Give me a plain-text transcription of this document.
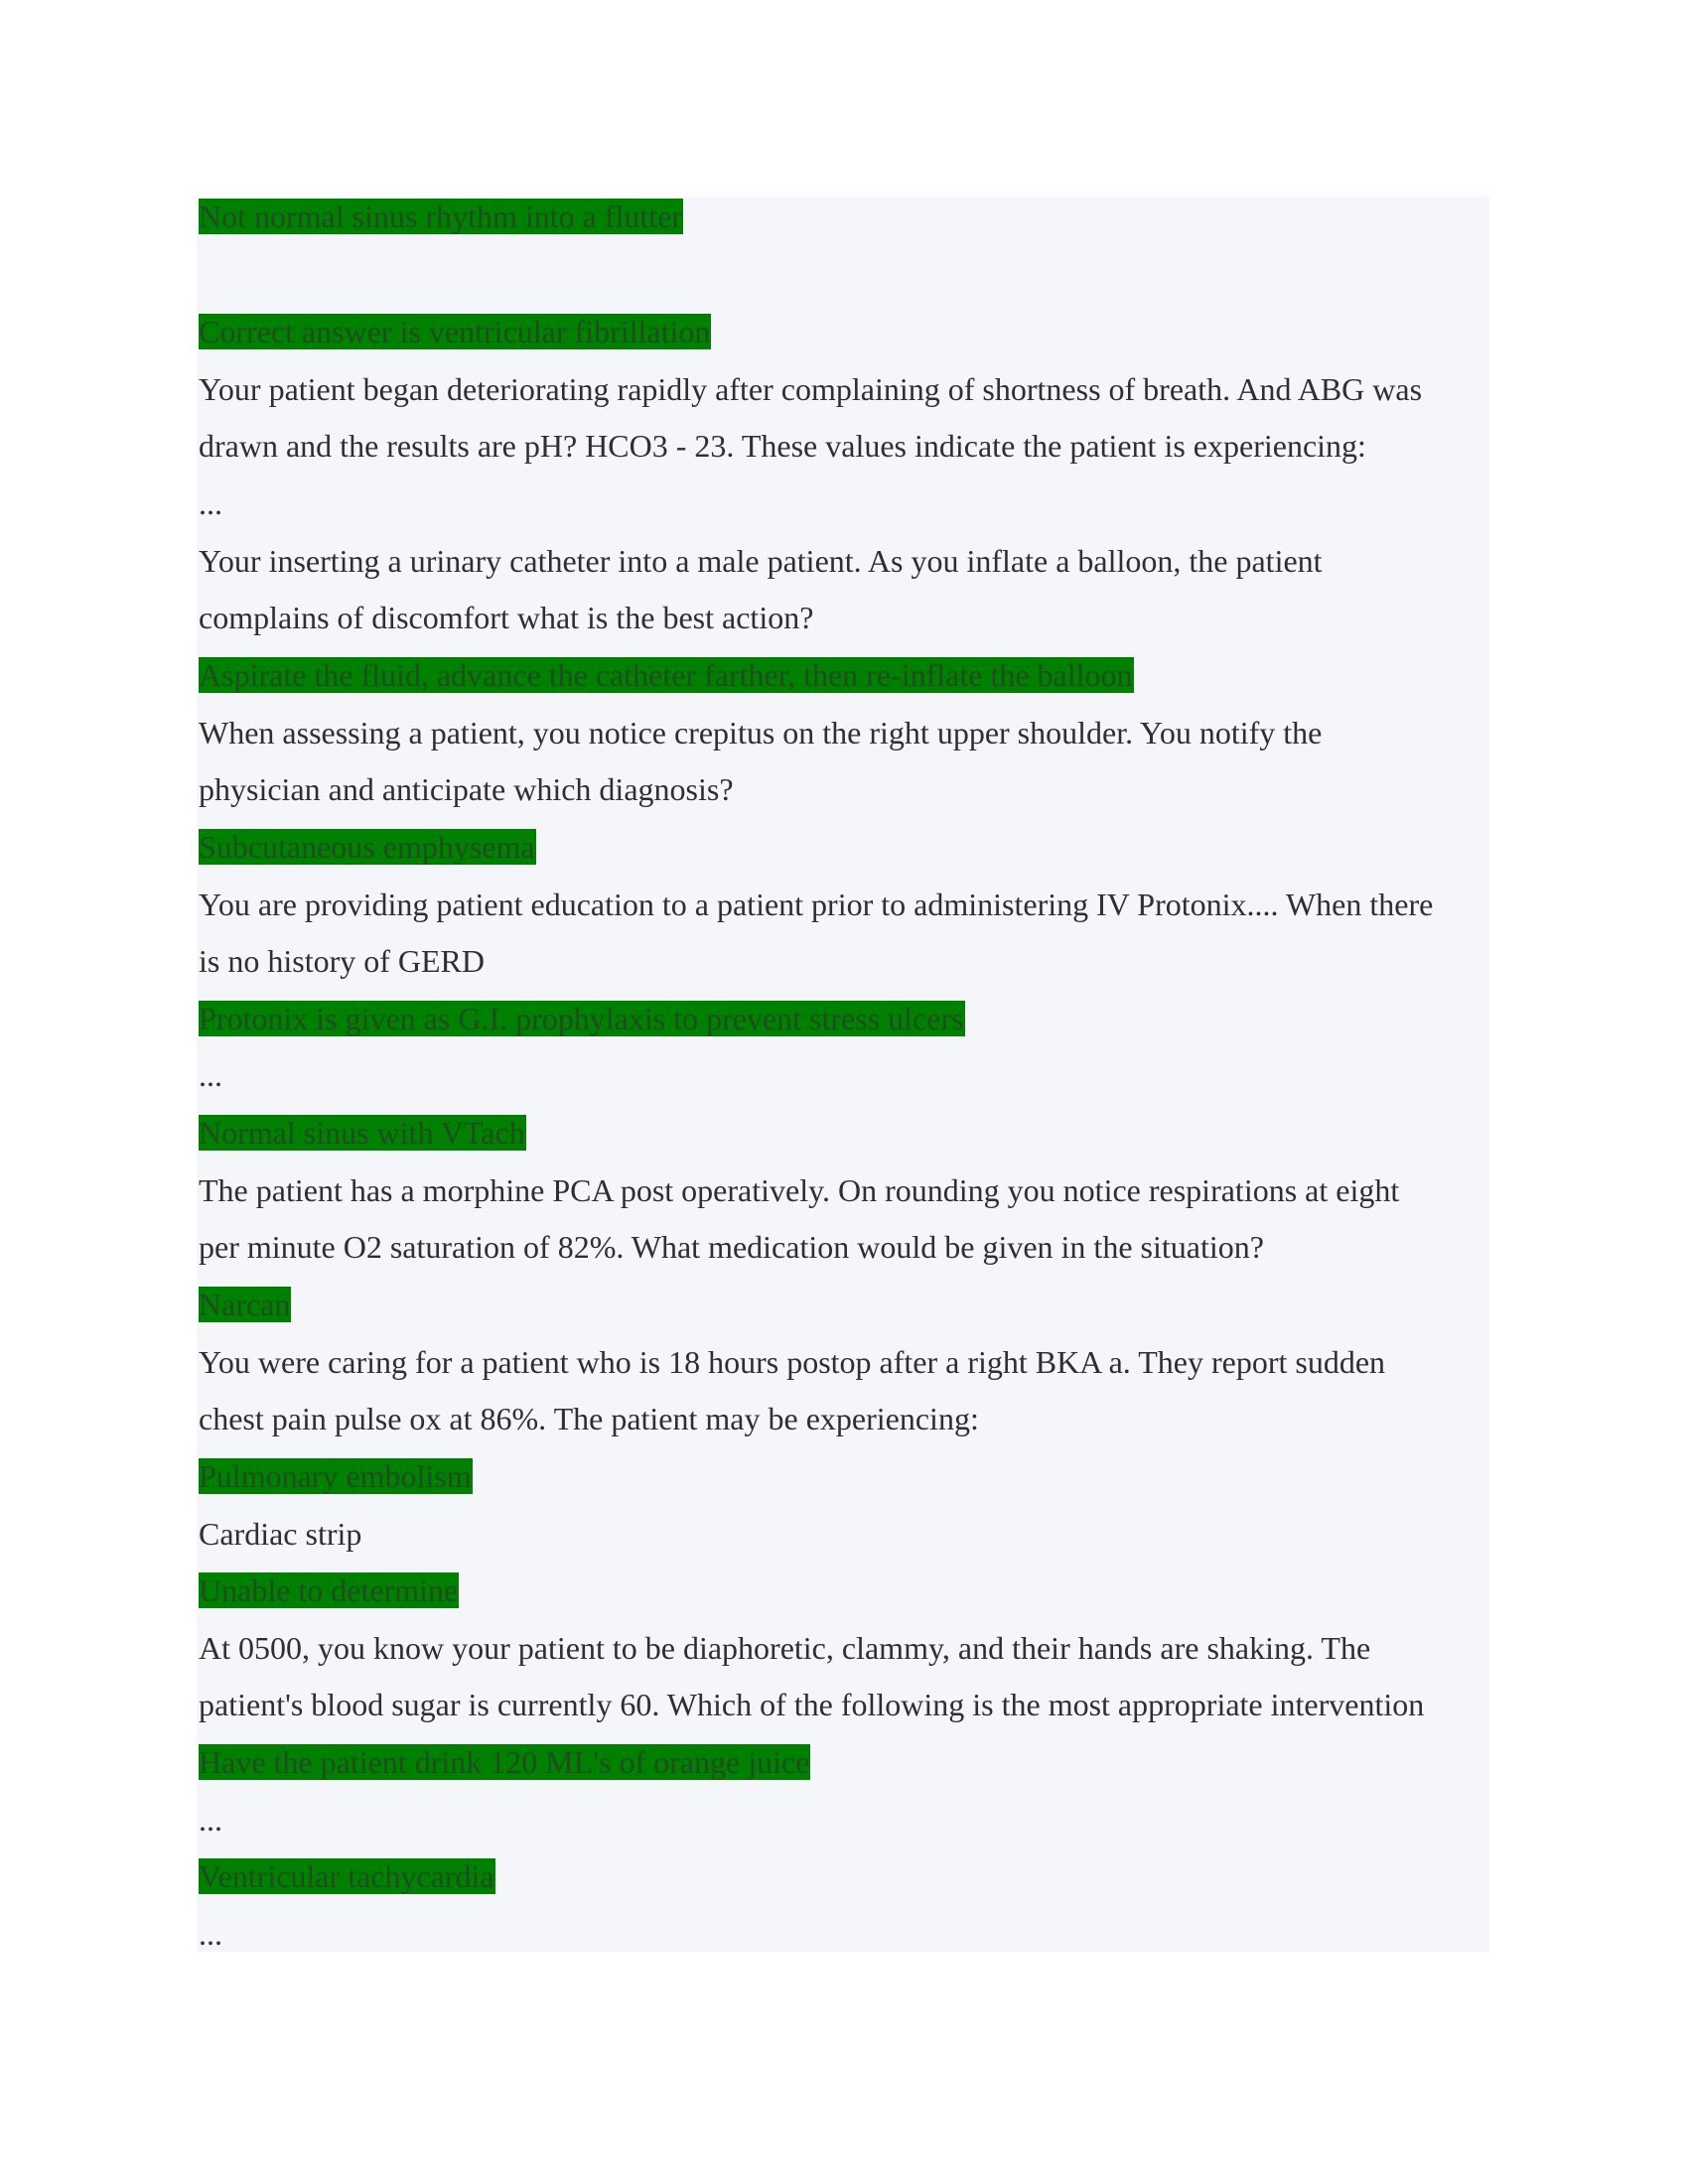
Not normal sinus rhythm into a flutter
Correct answer is ventricular fibrillation
Your patient began deteriorating rapidly after complaining of shortness of breath. And ABG was
drawn and the results are pH? HCO3 - 23. These values indicate the patient is experiencing:
...
Your inserting a urinary catheter into a male patient. As you inflate a balloon, the patient
complains of discomfort what is the best action?
Aspirate the fluid, advance the catheter farther, then re-inflate the balloon
When assessing a patient, you notice crepitus on the right upper shoulder. You notify the
physician and anticipate which diagnosis?
Subcutaneous emphysema
You are providing patient education to a patient prior to administering IV Protonix.... When there
is no history of GERD
Protonix is given as G.I. prophylaxis to prevent stress ulcers
...
Normal sinus with VTach
The patient has a morphine PCA post operatively. On rounding you notice respirations at eight
per minute O2 saturation of 82%. What medication would be given in the situation?
Narcan
You were caring for a patient who is 18 hours postop after a right BKA a. They report sudden
chest pain pulse ox at 86%. The patient may be experiencing:
Pulmonary embolism
Cardiac strip
Unable to determine
At 0500, you know your patient to be diaphoretic, clammy, and their hands are shaking. The
patient's blood sugar is currently 60. Which of the following is the most appropriate intervention
Have the patient drink 120 ML's of orange juice
...
Ventricular tachycardia
...
